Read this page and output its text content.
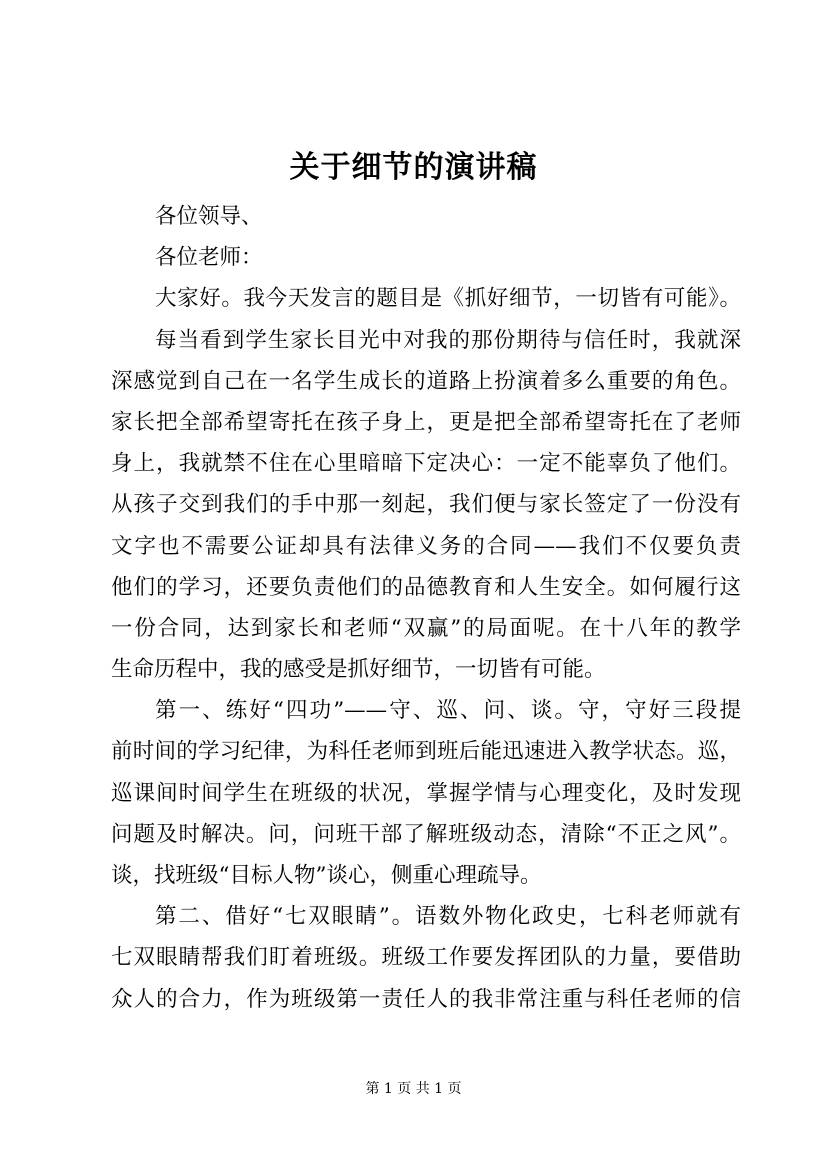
关于细节的演讲稿
各位领导、
各位老师：
大家好。我今天发言的题目是《抓好细节，一切皆有可能》。
每当看到学生家长目光中对我的那份期待与信任时，我就深
深感觉到自己在一名学生成长的道路上扮演着多么重要的角色。
家长把全部希望寄托在孩子身上，更是把全部希望寄托在了老师
身上，我就禁不住在心里暗暗下定决心：一定不能辜负了他们。
从孩子交到我们的手中那一刻起，我们便与家长签定了一份没有
文字也不需要公证却具有法律义务的合同——我们不仅要负责
他们的学习，还要负责他们的品德教育和人生安全。如何履行这
一份合同，达到家长和老师“双赢”的局面呢。在十八年的教学
生命历程中，我的感受是抓好细节，一切皆有可能。
第一、练好“四功”——守、巡、问、谈。守，守好三段提
前时间的学习纪律，为科任老师到班后能迅速进入教学状态。巡，
巡课间时间学生在班级的状况，掌握学情与心理变化，及时发现
问题及时解决。问，问班干部了解班级动态，清除“不正之风”。
谈，找班级“目标人物”谈心，侧重心理疏导。
第二、借好“七双眼睛”。语数外物化政史，七科老师就有
七双眼睛帮我们盯着班级。班级工作要发挥团队的力量，要借助
众人的合力，作为班级第一责任人的我非常注重与科任老师的信
第 1 页 共 1 页
